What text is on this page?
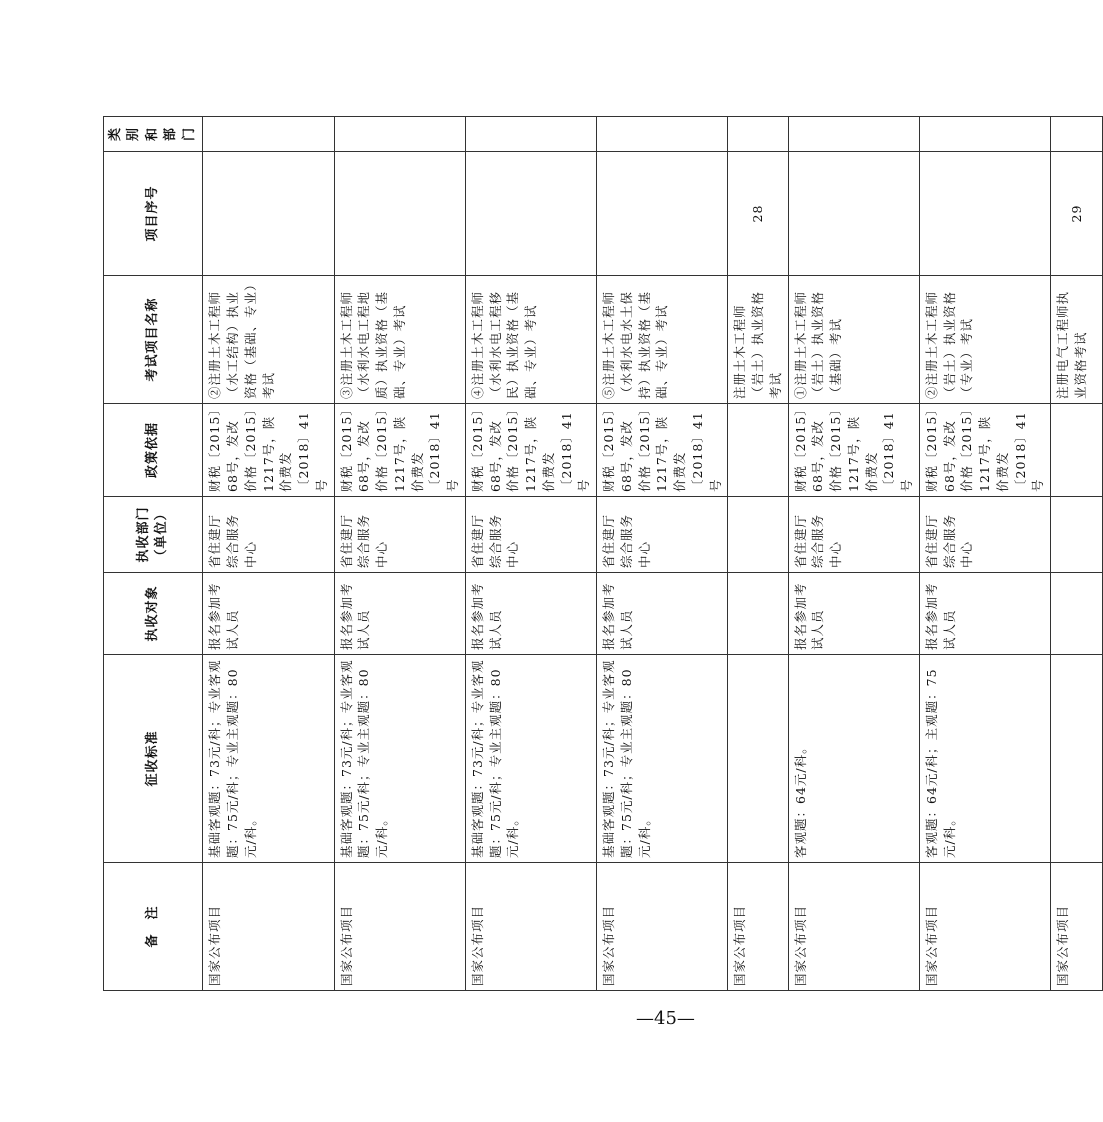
备　注	征收标准	执收对象	执收部门（单位）	政策依据	考试项目名称	项目序号	类别和部门
国家公布项目	基础客观题：73元/科；专业客观题：75元/科；专业主观题：80元/科。	报名参加考试人员	省住建厅综合服务中心	财税〔2015〕68号，发改价格〔2015〕1217号，陕价费发〔2018〕41号	②注册土木工程师（水工结构）执业资格（基础、专业）考试		
国家公布项目	基础客观题：73元/科；专业客观题：75元/科；专业主观题：80元/科。	报名参加考试人员	省住建厅综合服务中心	财税〔2015〕68号，发改价格〔2015〕1217号，陕价费发〔2018〕41号	③注册土木工程师（水利水电工程地质）执业资格（基础、专业）考试		
国家公布项目	基础客观题：73元/科；专业客观题：75元/科；专业主观题：80元/科。	报名参加考试人员	省住建厅综合服务中心	财税〔2015〕68号，发改价格〔2015〕1217号，陕价费发〔2018〕41号	④注册土木工程师（水利水电工程移民）执业资格（基础、专业）考试		
国家公布项目	基础客观题：73元/科；专业客观题：75元/科；专业主观题：80元/科。	报名参加考试人员	省住建厅综合服务中心	财税〔2015〕68号，发改价格〔2015〕1217号，陕价费发〔2018〕41号	⑤注册土木工程师（水利水电水土保持）执业资格（基础、专业）考试		
国家公布项目					注册土木工程师（岩土）执业资格考试	28	
国家公布项目	客观题：64元/科。	报名参加考试人员	省住建厅综合服务中心	财税〔2015〕68号，发改价格〔2015〕1217号，陕价费发〔2018〕41号	①注册土木工程师（岩土）执业资格（基础）考试		
国家公布项目	客观题：64元/科；主观题：75元/科。	报名参加考试人员	省住建厅综合服务中心	财税〔2015〕68号，发改价格〔2015〕1217号，陕价费发〔2018〕41号	②注册土木工程师（岩土）执业资格（专业）考试		
国家公布项目					注册电气工程师执业资格考试	29	
—45—
